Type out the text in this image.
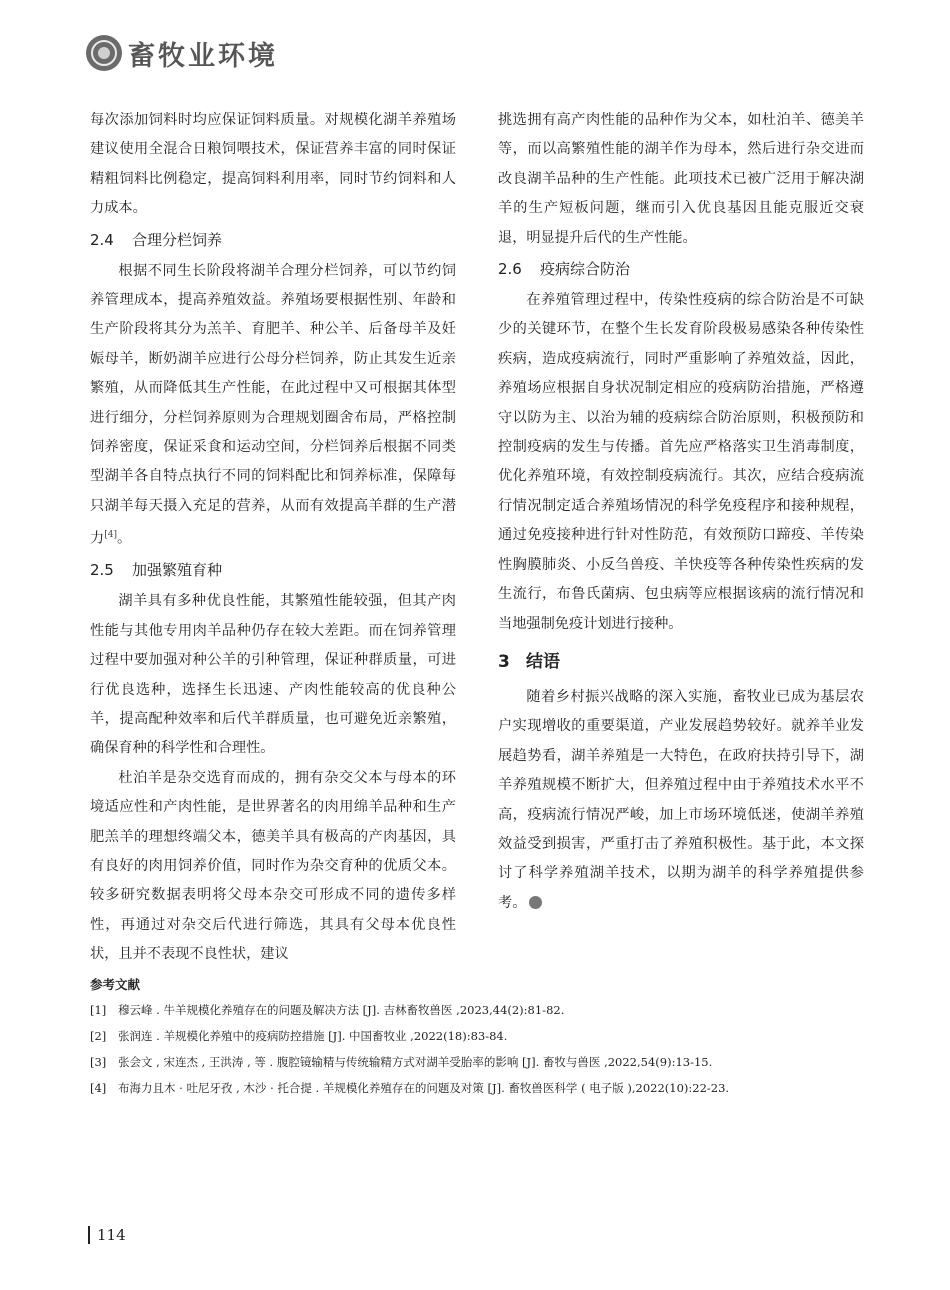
畜牧业环境

每次添加饲料时均应保证饲料质量。对规模化湖羊养殖场建议使用全混合日粮饲喂技术，保证营养丰富的同时保证精粗饲料比例稳定，提高饲料利用率，同时节约饲料和人力成本。

2.4 合理分栏饲养

根据不同生长阶段将湖羊合理分栏饲养，可以节约饲养管理成本，提高养殖效益。养殖场要根据性别、年龄和生产阶段将其分为羔羊、育肥羊、种公羊、后备母羊及妊娠母羊，断奶湖羊应进行公母分栏饲养，防止其发生近亲繁殖，从而降低其生产性能，在此过程中又可根据其体型进行细分，分栏饲养原则为合理规划圈舍布局，严格控制饲养密度，保证采食和运动空间，分栏饲养后根据不同类型湖羊各自特点执行不同的饲料配比和饲养标准，保障每只湖羊每天摄入充足的营养，从而有效提高羊群的生产潜力[4]。

2.5 加强繁殖育种

湖羊具有多种优良性能，其繁殖性能较强，但其产肉性能与其他专用肉羊品种仍存在较大差距。而在饲养管理过程中要加强对种公羊的引种管理，保证种群质量，可进行优良选种，选择生长迅速、产肉性能较高的优良种公羊，提高配种效率和后代羊群质量，也可避免近亲繁殖，确保育种的科学性和合理性。

杜泊羊是杂交选育而成的，拥有杂交父本与母本的环境适应性和产肉性能，是世界著名的肉用绵羊品种和生产肥羔羊的理想终端父本，德美羊具有极高的产肉基因，具有良好的肉用饲养价值，同时作为杂交育种的优质父本。较多研究数据表明将父母本杂交可形成不同的遗传多样性，再通过对杂交后代进行筛选，其具有父母本优良性状，且并不表现不良性状，建议

挑选拥有高产肉性能的品种作为父本，如杜泊羊、德美羊等，而以高繁殖性能的湖羊作为母本，然后进行杂交进而改良湖羊品种的生产性能。此项技术已被广泛用于解决湖羊的生产短板问题，继而引入优良基因且能克服近交衰退，明显提升后代的生产性能。

2.6 疫病综合防治

在养殖管理过程中，传染性疫病的综合防治是不可缺少的关键环节，在整个生长发育阶段极易感染各种传染性疾病，造成疫病流行，同时严重影响了养殖效益，因此，养殖场应根据自身状况制定相应的疫病防治措施，严格遵守以防为主、以治为辅的疫病综合防治原则，积极预防和控制疫病的发生与传播。首先应严格落实卫生消毒制度，优化养殖环境，有效控制疫病流行。其次，应结合疫病流行情况制定适合养殖场情况的科学免疫程序和接种规程，通过免疫接种进行针对性防范，有效预防口蹄疫、羊传染性胸膜肺炎、小反刍兽疫、羊快疫等各种传染性疾病的发生流行，布鲁氏菌病、包虫病等应根据该病的流行情况和当地强制免疫计划进行接种。

3 结语

随着乡村振兴战略的深入实施，畜牧业已成为基层农户实现增收的重要渠道，产业发展趋势较好。就养羊业发展趋势看，湖羊养殖是一大特色，在政府扶持引导下，湖羊养殖规模不断扩大，但养殖过程中由于养殖技术水平不高，疫病流行情况严峻，加上市场环境低迷，使湖羊养殖效益受到损害，严重打击了养殖积极性。基于此，本文探讨了科学养殖湖羊技术，以期为湖羊的科学养殖提供参考。

参考文献
[1] 穆云峰 . 牛羊规模化养殖存在的问题及解决方法 [J]. 吉林畜牧兽医 ,2023,44(2):81-82.
[2] 张润连 . 羊规模化养殖中的疫病防控措施 [J]. 中国畜牧业 ,2022(18):83-84.
[3] 张会文 , 宋连杰 , 王洪涛 , 等 . 腹腔镜输精与传统输精方式对湖羊受胎率的影响 [J]. 畜牧与兽医 ,2022,54(9):13-15.
[4] 布海力且木 · 吐尼牙孜 , 木沙 · 托合提 . 羊规模化养殖存在的问题及对策 [J]. 畜牧兽医科学 ( 电子版 ),2022(10):22-23.
114
